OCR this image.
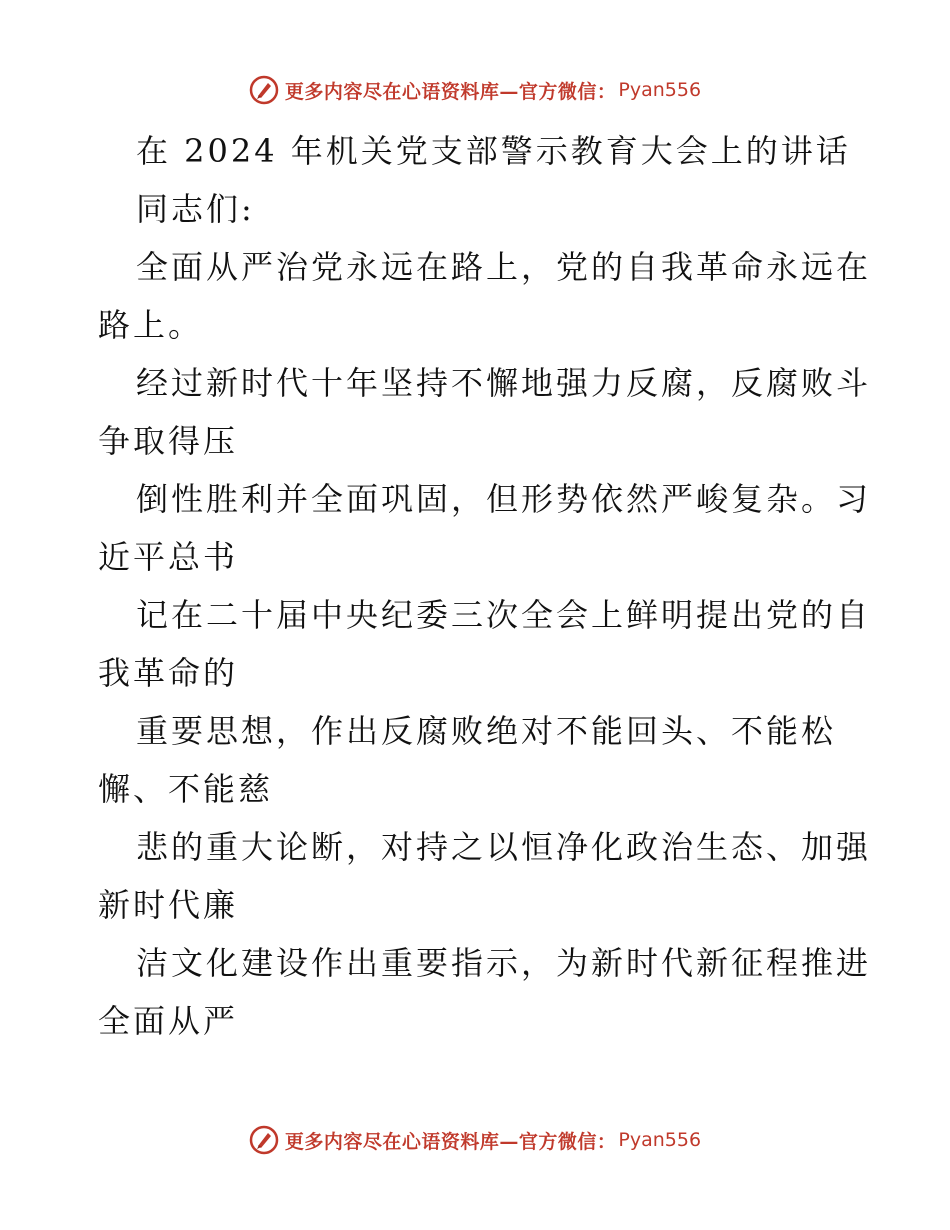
更多内容尽在心语资料库—官方微信： Pyan556
在 2024 年机关党支部警示教育大会上的讲话
同志们:
全面从严治党永远在路上，党的自我革命永远在
路上。
经过新时代十年坚持不懈地强力反腐，反腐败斗
争取得压
倒性胜利并全面巩固，但形势依然严峻复杂。习
近平总书
记在二十届中央纪委三次全会上鲜明提出党的自
我革命的
重要思想，作出反腐败绝对不能回头、不能松
懈、不能慈
悲的重大论断，对持之以恒净化政治生态、加强
新时代廉
洁文化建设作出重要指示，为新时代新征程推进
全面从严
更多内容尽在心语资料库—官方微信： Pyan556
